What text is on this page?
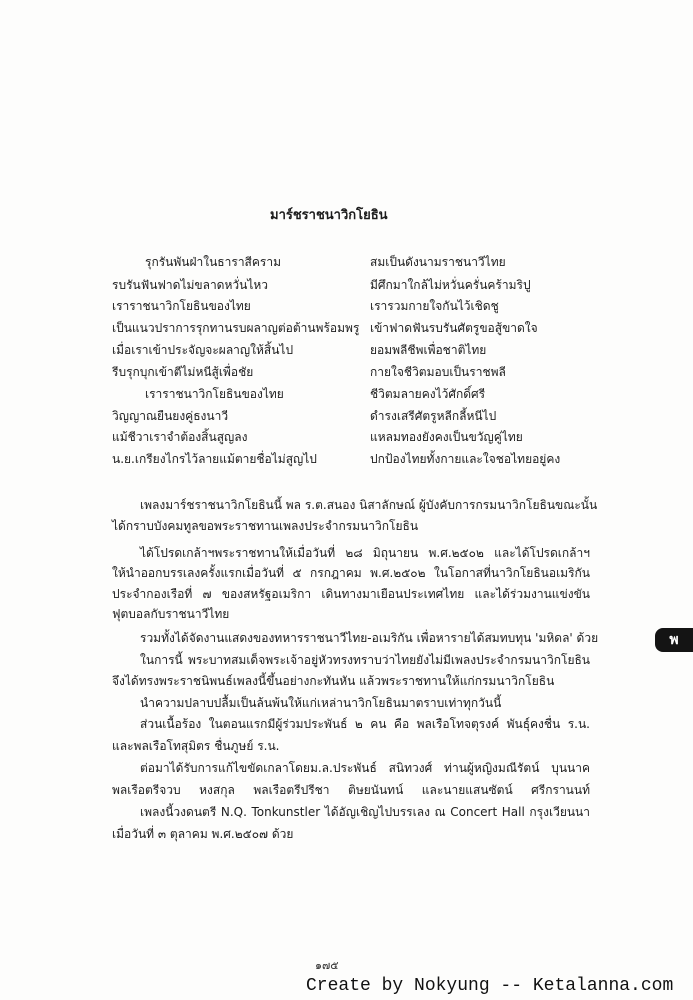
มาร์ชราชนาวิกโยธิน
รุกรันพันฝ่าในธาราสีคราม	สมเป็นดังนามราชนาวีไทย
รบรันฟันฟาดไม่ขลาดหวั่นไหว	มีศึกมาใกล้ไม่หวั่นครั่นคร้ามริปู
เราราชนาวิกโยธินของไทย	เรารวมกายใจกันไว้เชิดชู
เป็นแนวปราการรุกทานรบผลาญต่อต้านพร้อมพรู เข้าฟาดฟันรบรันศัตรูขอสู้ขาดใจ
เมื่อเราเข้าประจัญจะผลาญให้สิ้นไป	ยอมพลีชีพเพื่อชาติไทย
รีบรุกบุกเข้าตีไม่หนีสู้เพื่อชัย	กายใจชีวิตมอบเป็นราชพลี
เราราชนาวิกโยธินของไทย	ชีวิตมลายคงไว้ศักดิ์ศรี
วิญญาณยืนยงคู่ธงนาวี	ดำรงเสรีศัตรูหลีกลี้หนีไป
แม้ชีวาเราจำต้องสิ้นสูญลง	แหลมทองยังคงเป็นขวัญคู่ไทย
น.ย.เกรียงไกรไว้ลายแม้ตายชื่อไม่สูญไป	ปกป้องไทยทั้งกายและใจชอไทยอยู่คง
เพลงมาร์ชราชนาวิกโยธินนี้ พล ร.ต.สนอง นิสาลักษณ์ ผู้บังคับการกรมนาวิกโยธินขณะนั้น
ได้กราบบังคมทูลขอพระราชทานเพลงประจำกรมนาวิกโยธิน
ได้โปรดเกล้าฯพระราชทานให้เมื่อวันที่ ๒๘ มิถุนายน พ.ศ.๒๕๐๒ และได้โปรดเกล้าฯ
ให้นำออกบรรเลงครั้งแรกเมื่อวันที่ ๕ กรกฎาคม พ.ศ.๒๕๐๒ ในโอกาสที่นาวิกโยธินอเมริกัน
ประจำกองเรือที่ ๗ ของสหรัฐอเมริกา เดินทางมาเยือนประเทศไทย และได้ร่วมงานแข่งขัน
ฟุตบอลกับราชนาวีไทย
รวมทั้งได้จัดงานแสดงของทหารราชนาวีไทย-อเมริกัน เพื่อหารายได้สมทบทุน 'มหิดล' ด้วย
ในการนี้ พระบาทสมเด็จพระเจ้าอยู่หัวทรงทราบว่าไทยยังไม่มีเพลงประจำกรมนาวิกโยธิน
จึงได้ทรงพระราชนิพนธ์เพลงนี้ขึ้นอย่างกะทันหัน แล้วพระราชทานให้แก่กรมนาวิกโยธิน
นำความปลาบปลื้มเป็นล้นพ้นให้แก่เหล่านาวิกโยธินมาตราบเท่าทุกวันนี้
ส่วนเนื้อร้อง ในตอนแรกมีผู้ร่วมประพันธ์ ๒ คน คือ พลเรือโทจตุรงค์ พันธุ์คงชื่น ร.น.
และพลเรือโทสุมิตร ชื่นภูษย์ ร.น.
ต่อมาได้รับการแก้ไขขัดเกลาโดยม.ล.ประพันธ์ สนิทวงศ์ ท่านผู้หญิงมณีรัตน์ บุนนาค
พลเรือตรีจวบ หงสกุล พลเรือตรีปรีชา ติษยนันทน์ และนายแสนซัตน์ ศรีกรานนท์
เพลงนี้วงดนตรี N.Q. Tonkunstler ได้อัญเชิญไปบรรเลง ณ Concert Hall กรุงเวียนนา
เมื่อวันที่ ๓ ตุลาคม พ.ศ.๒๕๐๗ ด้วย
พ
๑๗๕
Create by Nokyung -- Ketalanna.com
